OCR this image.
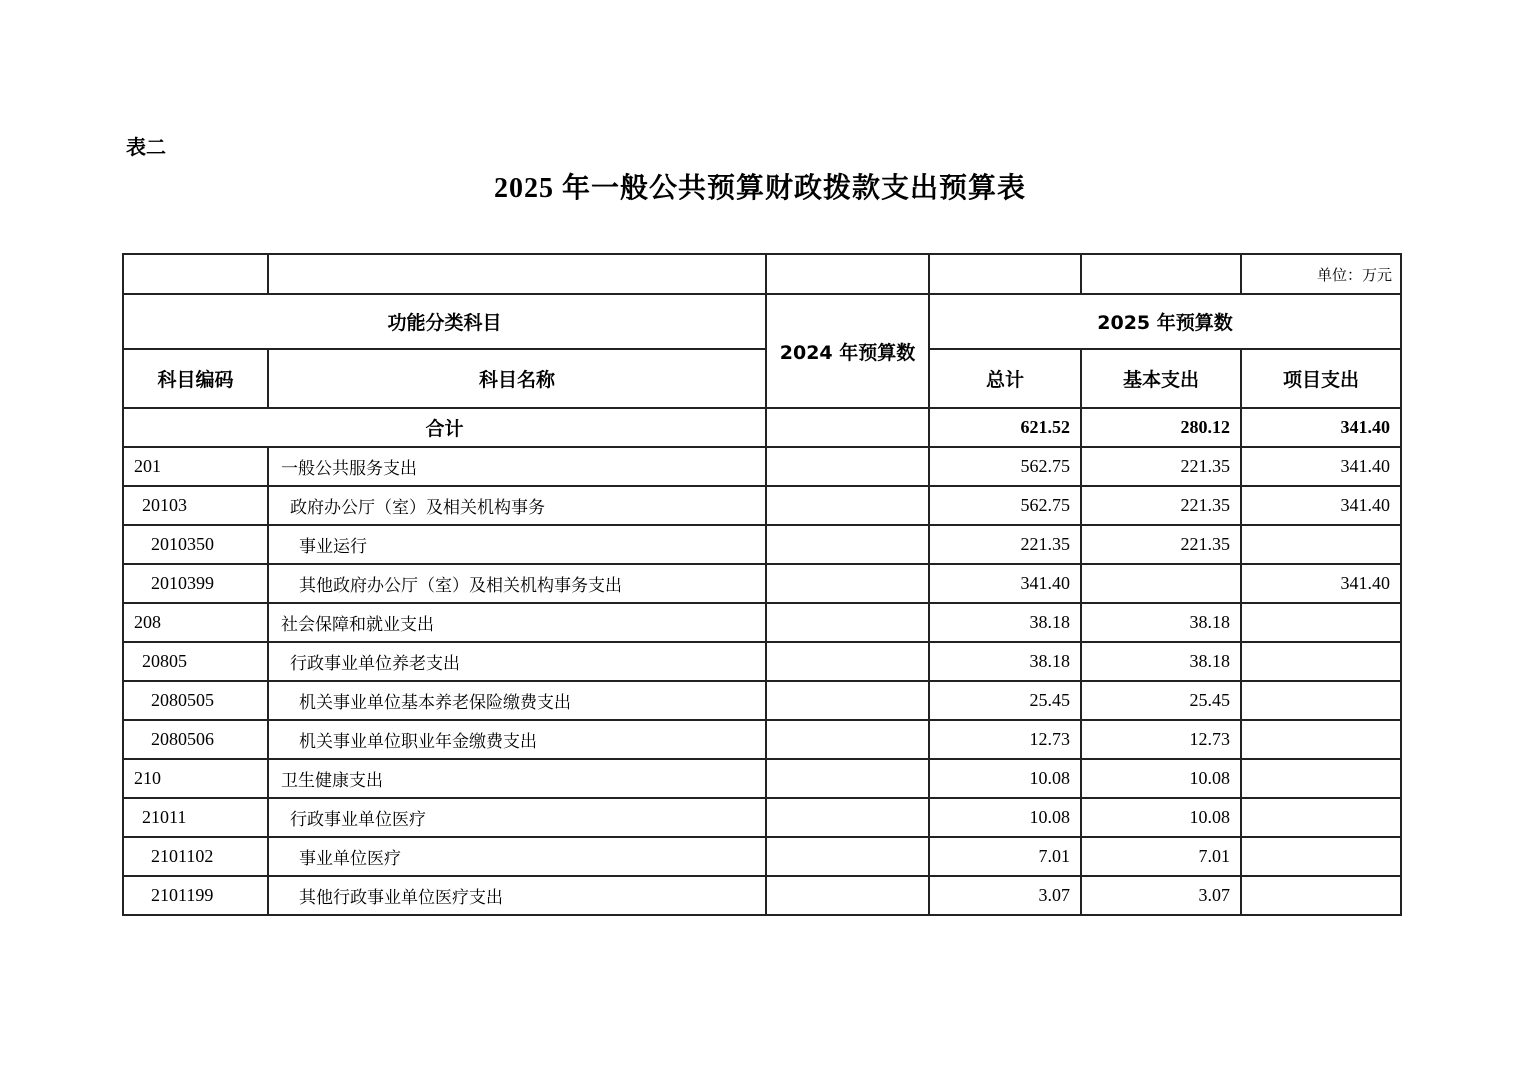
表二
2025 年一般公共预算财政拨款支出预算表
					单位：万元
功能分类科目		2024 年预算数	2025 年预算数		
科目编码	科目名称		总计	基本支出	项目支出
合计			621.52	280.12	341.40
201	一般公共服务支出		562.75	221.35	341.40
20103	政府办公厅（室）及相关机构事务		562.75	221.35	341.40
2010350	事业运行		221.35	221.35	
2010399	其他政府办公厅（室）及相关机构事务支出		341.40		341.40
208	社会保障和就业支出		38.18	38.18	
20805	行政事业单位养老支出		38.18	38.18	
2080505	机关事业单位基本养老保险缴费支出		25.45	25.45	
2080506	机关事业单位职业年金缴费支出		12.73	12.73	
210	卫生健康支出		10.08	10.08	
21011	行政事业单位医疗		10.08	10.08	
2101102	事业单位医疗		7.01	7.01	
2101199	其他行政事业单位医疗支出		3.07	3.07	
